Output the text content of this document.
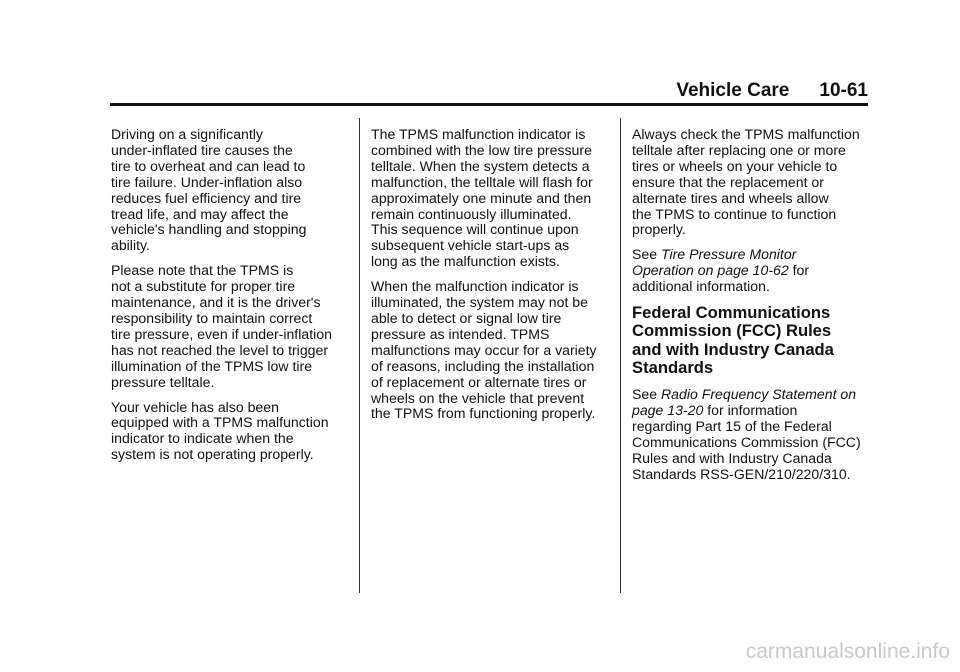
Vehicle Care 10-61

Driving on a significantly
under-inflated tire causes the
tire to overheat and can lead to
tire failure. Under-inflation also
reduces fuel efficiency and tire
tread life, and may affect the
vehicle's handling and stopping
ability.

Please note that the TPMS is
not a substitute for proper tire
maintenance, and it is the driver's
responsibility to maintain correct
tire pressure, even if under-inflation
has not reached the level to trigger
illumination of the TPMS low tire
pressure telltale.

Your vehicle has also been
equipped with a TPMS malfunction
indicator to indicate when the
system is not operating properly.

The TPMS malfunction indicator is
combined with the low tire pressure
telltale. When the system detects a
malfunction, the telltale will flash for
approximately one minute and then
remain continuously illuminated.
This sequence will continue upon
subsequent vehicle start-ups as
long as the malfunction exists.

When the malfunction indicator is
illuminated, the system may not be
able to detect or signal low tire
pressure as intended. TPMS
malfunctions may occur for a variety
of reasons, including the installation
of replacement or alternate tires or
wheels on the vehicle that prevent
the TPMS from functioning properly.

Always check the TPMS malfunction
telltale after replacing one or more
tires or wheels on your vehicle to
ensure that the replacement or
alternate tires and wheels allow
the TPMS to continue to function
properly.

See Tire Pressure Monitor
Operation on page 10-62 for
additional information.

Federal Communications
Commission (FCC) Rules
and with Industry Canada
Standards

See Radio Frequency Statement on
page 13-20 for information
regarding Part 15 of the Federal
Communications Commission (FCC)
Rules and with Industry Canada
Standards RSS-GEN/210/220/310.

carmanualsonline.info
